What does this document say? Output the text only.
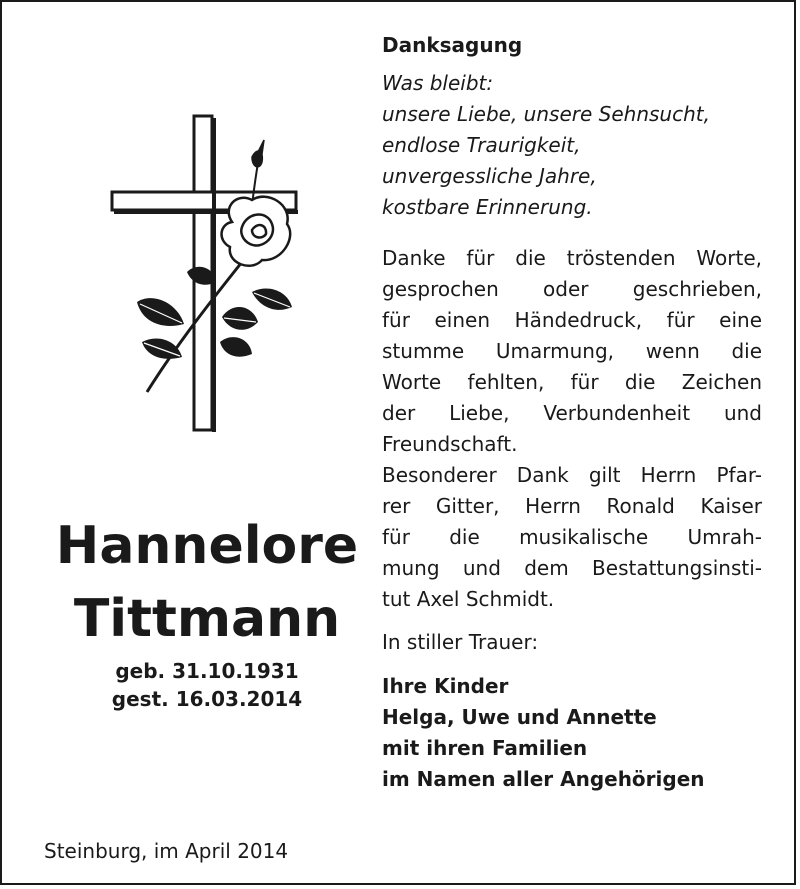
Hannelore
Tittmann
geb. 31.10.1931
gest. 16.03.2014
Steinburg, im April 2014
Danksagung
Was bleibt:
unsere Liebe, unsere Sehnsucht,
endlose Traurigkeit,
unvergessliche Jahre,
kostbare Erinnerung.
Danke für die tröstenden Worte,
gesprochen oder geschrieben,
für einen Händedruck, für eine
stumme Umarmung, wenn die
Worte fehlten, für die Zeichen
der Liebe, Verbundenheit und
Freundschaft.
Besonderer Dank gilt Herrn Pfar-
rer Gitter, Herrn Ronald Kaiser
für die musikalische Umrah-
mung und dem Bestattungsinsti-
tut Axel Schmidt.
In stiller Trauer:
Ihre Kinder
Helga, Uwe und Annette
mit ihren Familien
im Namen aller Angehörigen
